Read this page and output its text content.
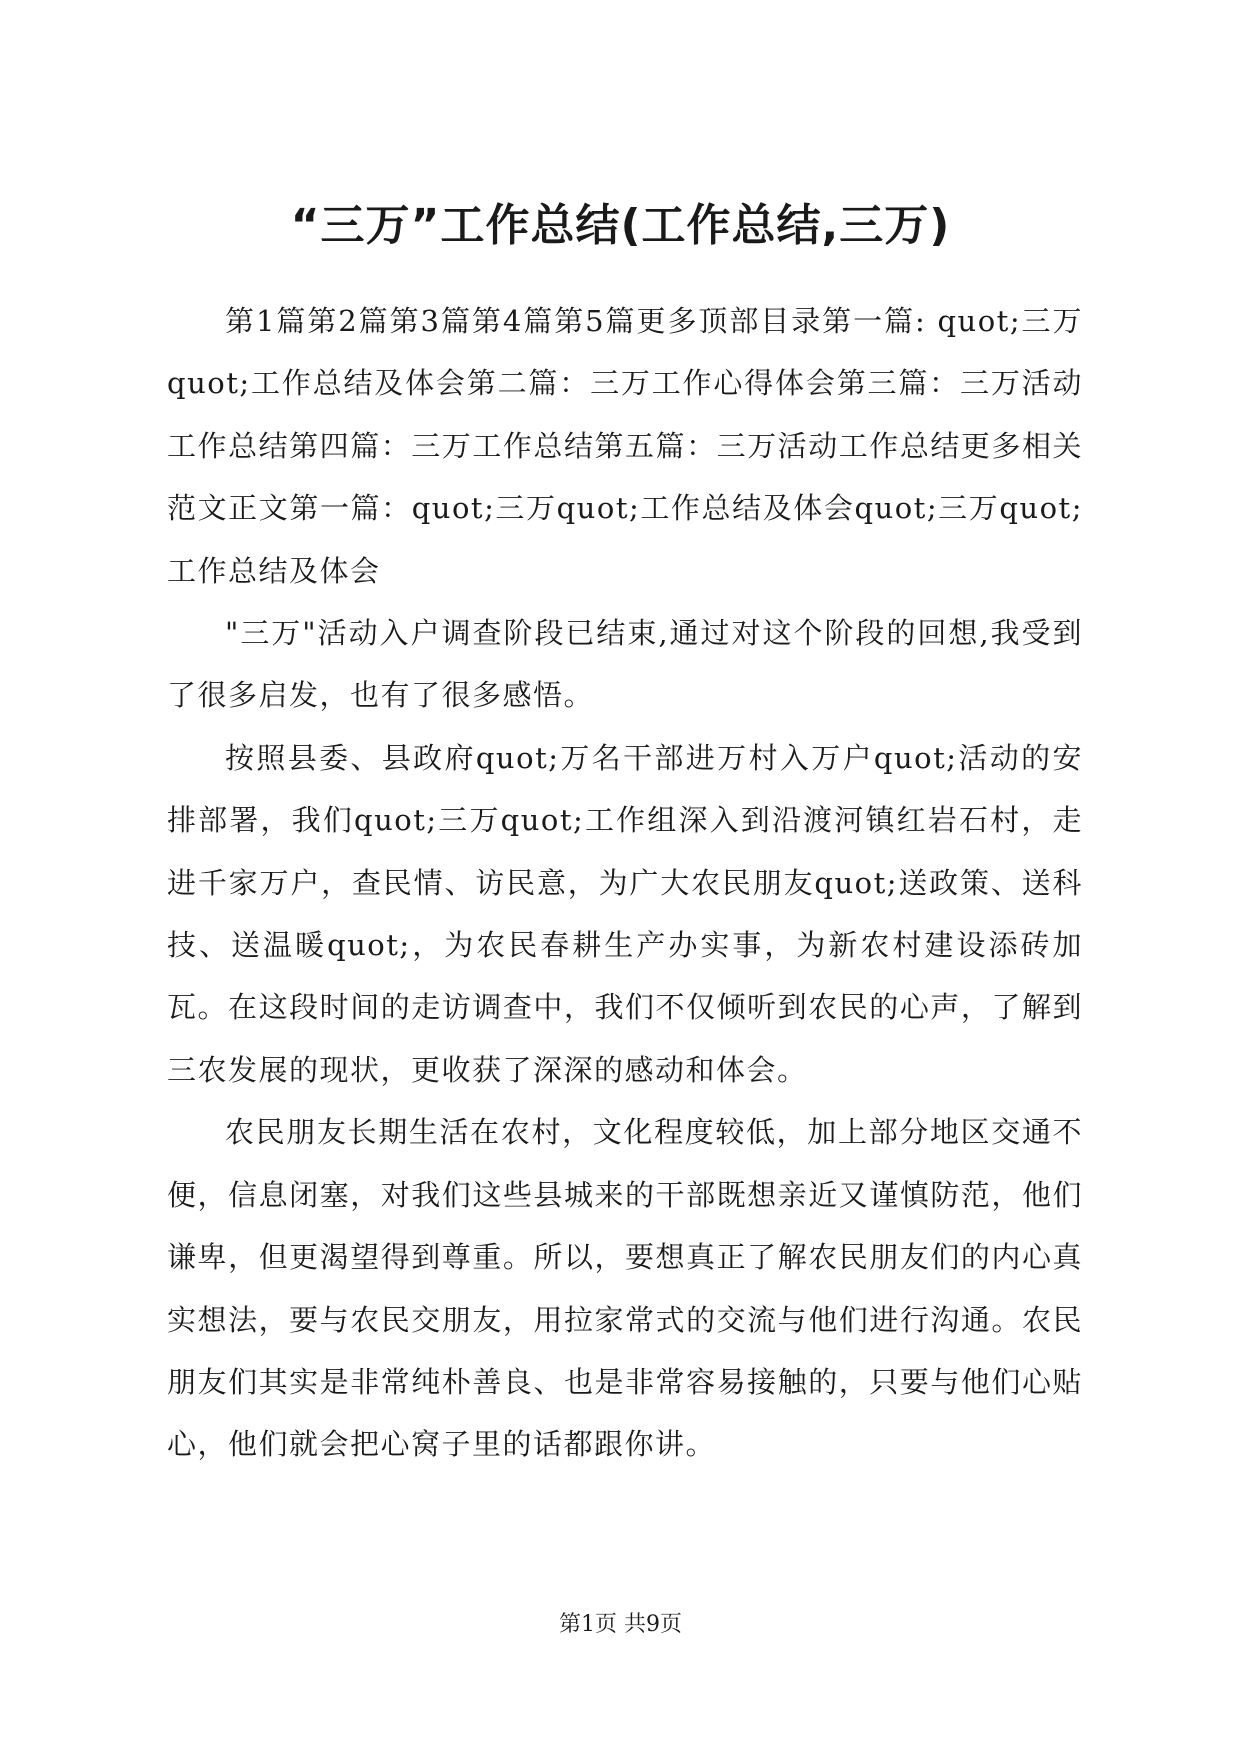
“三万”工作总结(工作总结,三万)

第1篇第2篇第3篇第4篇第5篇更多顶部目录第一篇: quot;三万quot;工作总结及体会第二篇：三万工作心得体会第三篇：三万活动工作总结第四篇：三万工作总结第五篇：三万活动工作总结更多相关范文正文第一篇：quot;三万quot;工作总结及体会quot;三万quot;工作总结及体会

"三万"活动入户调查阶段已结束,通过对这个阶段的回想,我受到了很多启发，也有了很多感悟。

按照县委、县政府quot;万名干部进万村入万户quot;活动的安排部署，我们quot;三万quot;工作组深入到沿渡河镇红岩石村，走进千家万户，查民情、访民意，为广大农民朋友quot;送政策、送科技、送温暖quot;，为农民春耕生产办实事，为新农村建设添砖加瓦。在这段时间的走访调查中，我们不仅倾听到农民的心声，了解到三农发展的现状，更收获了深深的感动和体会。

农民朋友长期生活在农村，文化程度较低，加上部分地区交通不便，信息闭塞，对我们这些县城来的干部既想亲近又谨慎防范，他们谦卑，但更渴望得到尊重。所以，要想真正了解农民朋友们的内心真实想法，要与农民交朋友，用拉家常式的交流与他们进行沟通。农民朋友们其实是非常纯朴善良、也是非常容易接触的，只要与他们心贴心，他们就会把心窝子里的话都跟你讲。

第1页 共9页
